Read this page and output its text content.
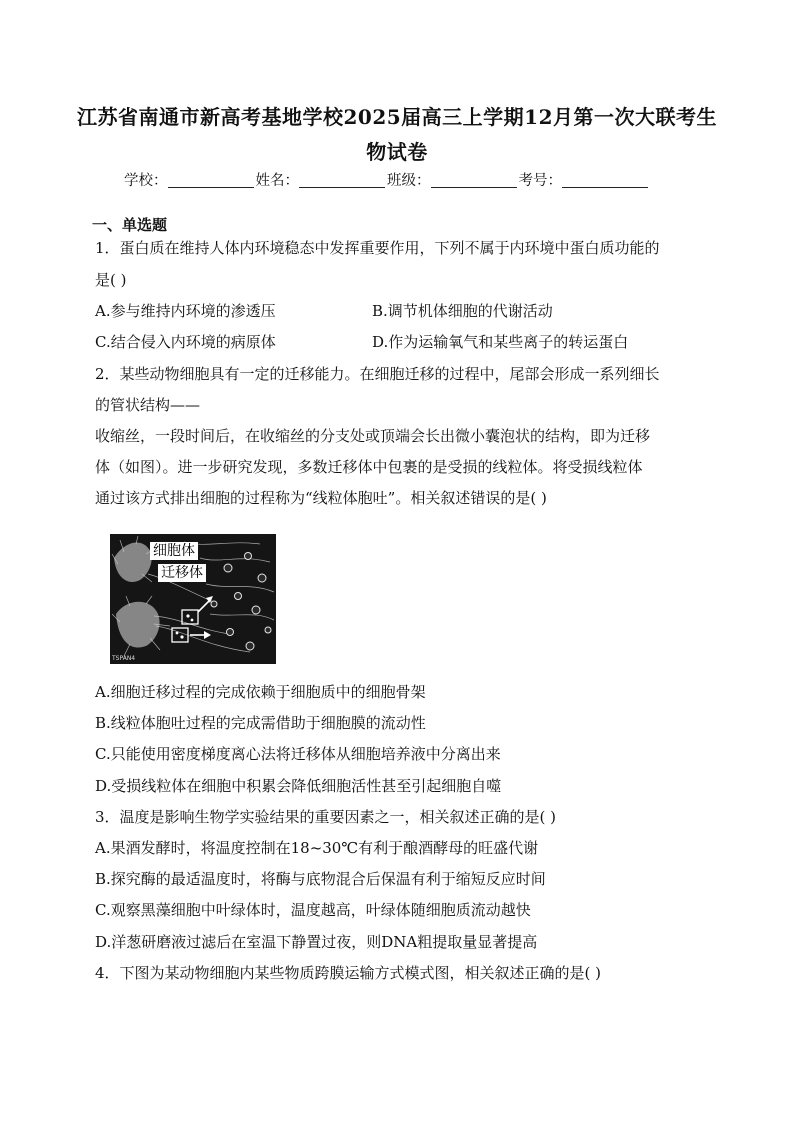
江苏省南通市新高考基地学校2025届高三上学期12月第一次大联考生
物试卷
学校：	姓名：	班级：	考号：
一、单选题
1．蛋白质在维持人体内环境稳态中发挥重要作用，下列不属于内环境中蛋白质功能的
是( )
A.参与维持内环境的渗透压	B.调节机体细胞的代谢活动
C.结合侵入内环境的病原体	D.作为运输氧气和某些离子的转运蛋白
2．某些动物细胞具有一定的迁移能力。在细胞迁移的过程中，尾部会形成一系列细长
的管状结构——
收缩丝，一段时间后，在收缩丝的分支处或顶端会长出微小囊泡状的结构，即为迁移
体（如图）。进一步研究发现，多数迁移体中包裹的是受损的线粒体。将受损线粒体
通过该方式排出细胞的过程称为“线粒体胞吐”。相关叙述错误的是( )
细胞体
迁移体
TSPAN4
A.细胞迁移过程的完成依赖于细胞质中的细胞骨架
B.线粒体胞吐过程的完成需借助于细胞膜的流动性
C.只能使用密度梯度离心法将迁移体从细胞培养液中分离出来
D.受损线粒体在细胞中积累会降低细胞活性甚至引起细胞自噬
3．温度是影响生物学实验结果的重要因素之一，相关叙述正确的是( )
A.果酒发酵时，将温度控制在18~30℃有利于酿酒酵母的旺盛代谢
B.探究酶的最适温度时，将酶与底物混合后保温有利于缩短反应时间
C.观察黑藻细胞中叶绿体时，温度越高，叶绿体随细胞质流动越快
D.洋葱研磨液过滤后在室温下静置过夜，则DNA粗提取量显著提高
4．下图为某动物细胞内某些物质跨膜运输方式模式图，相关叙述正确的是( )
